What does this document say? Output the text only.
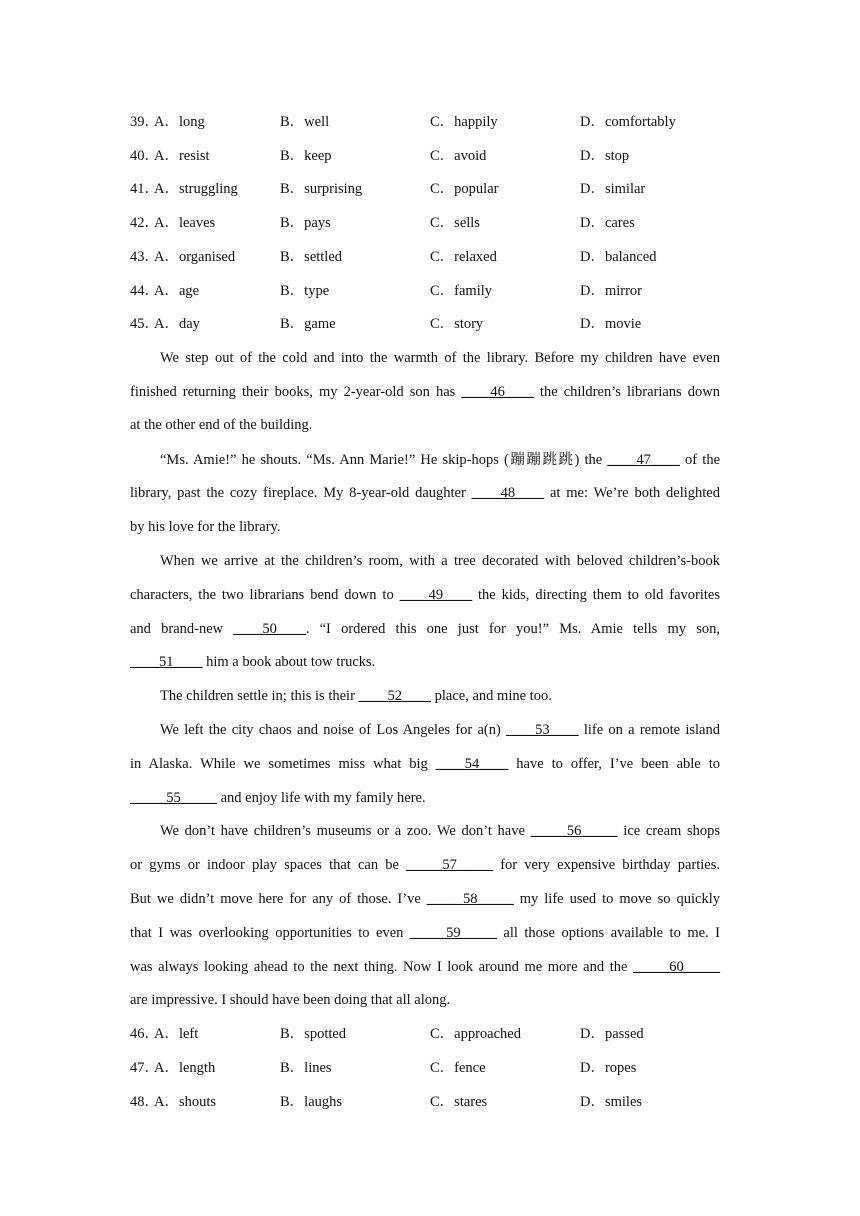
39．
A．long	B．well	C．happily	D．comfortably
40．
A．resist	B．keep	C．avoid	D．stop
41．
A．struggling	B．surprising	C．popular	D．similar
42．
A．leaves	B．pays	C．sells	D．cares
43．
A．organised	B．settled	C．relaxed	D．balanced
44．
A．age	B．type	C．family	D．mirror
45．
A．day	B．game	C．story	D．movie
We step out of the cold and into the warmth of the library. Before my children have even
finished returning their books, my 2-year-old son has ____46____ the children’s librarians down
at the other end of the building.
“Ms. Amie!” he shouts. “Ms. Ann Marie!” He skip-hops (蹦蹦跳跳) the ____47____ of the
library, past the cozy fireplace. My 8-year-old daughter ____48____ at me: We’re both delighted
by his love for the library.
When we arrive at the children’s room, with a tree decorated with beloved children’s-book
characters, the two librarians bend down to ____49____ the kids, directing them to old favorites
and brand-new ____50____. “I ordered this one just for you!” Ms. Amie tells my son,
____51____ him a book about tow trucks.
The children settle in; this is their ____52____ place, and mine too.
We left the city chaos and noise of Los Angeles for a(n) ____53____ life on a remote island
in Alaska. While we sometimes miss what big ____54____ have to offer, I’ve been able to
_____55_____ and enjoy life with my family here.
We don’t have children’s museums or a zoo. We don’t have _____56_____ ice cream shops
or gyms or indoor play spaces that can be _____57_____ for very expensive birthday parties.
But we didn’t move here for any of those. I’ve _____58_____ my life used to move so quickly
that I was overlooking opportunities to even _____59_____ all those options available to me. I
was always looking ahead to the next thing. Now I look around me more and the _____60_____
are impressive. I should have been doing that all along.
46．
A．left	B．spotted	C．approached	D．passed
47．
A．length	B．lines	C．fence	D．ropes
48．
A．shouts	B．laughs	C．stares	D．smiles
